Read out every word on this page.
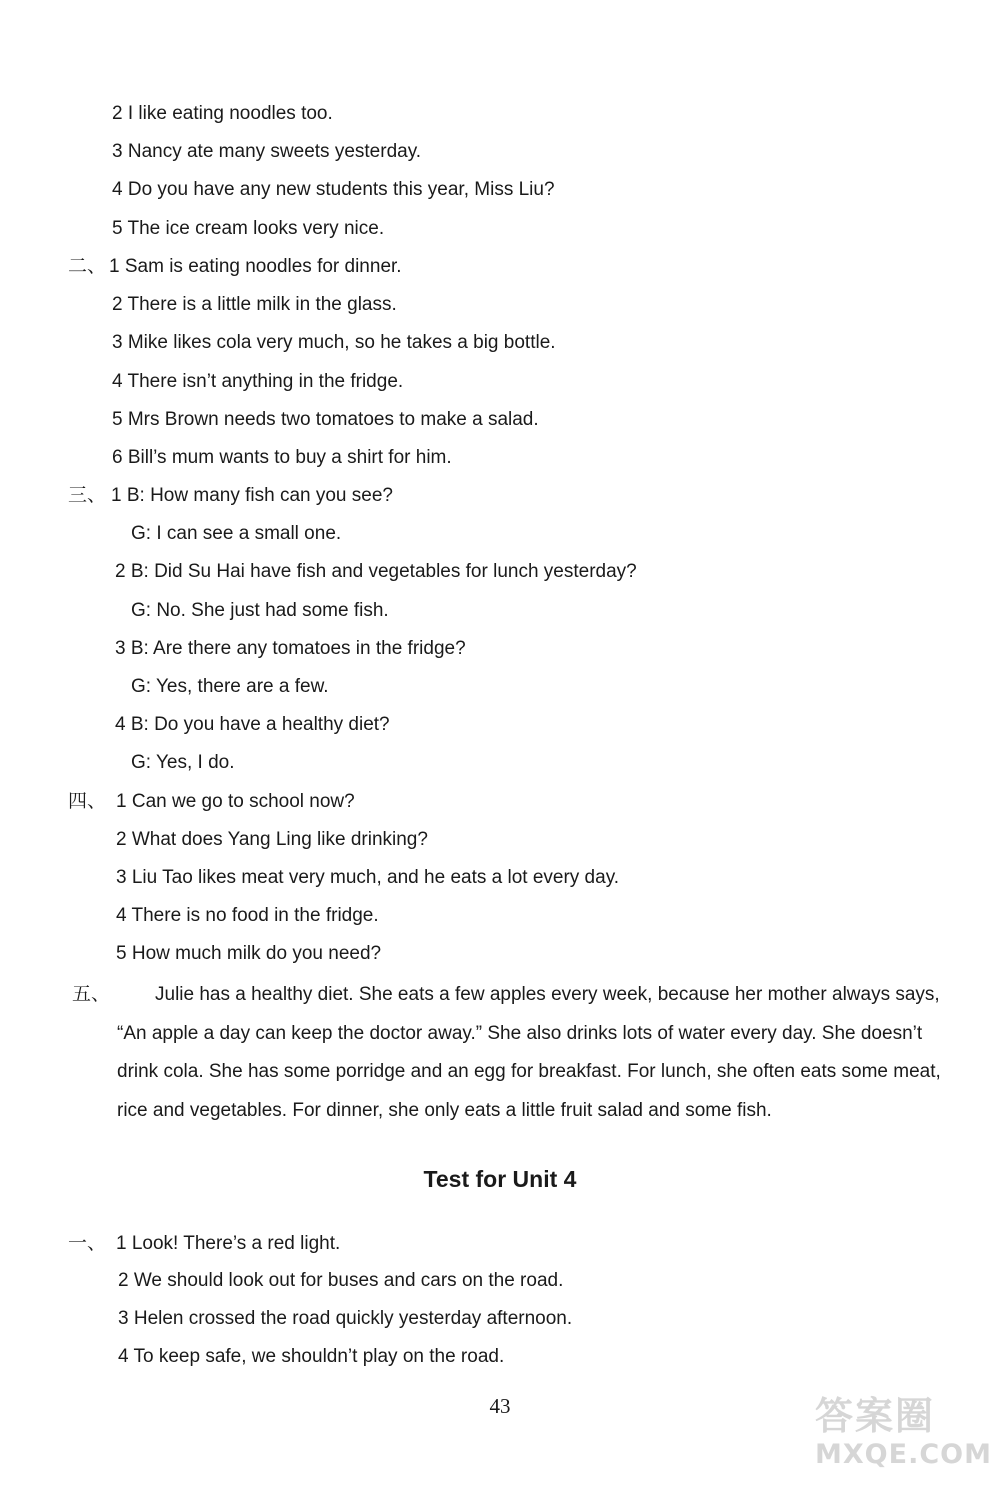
2 I like eating noodles too.
3 Nancy ate many sweets yesterday.
4 Do you have any new students this year, Miss Liu?
5 The ice cream looks very nice.
二、 1 Sam is eating noodles for dinner.
2 There is a little milk in the glass.
3 Mike likes cola very much, so he takes a big bottle.
4 There isn’t anything in the fridge.
5 Mrs Brown needs two tomatoes to make a salad.
6 Bill’s mum wants to buy a shirt for him.
三、 1 B: How many fish can you see?
G: I can see a small one.
2 B: Did Su Hai have fish and vegetables for lunch yesterday?
G: No. She just had some fish.
3 B: Are there any tomatoes in the fridge?
G: Yes, there are a few.
4 B: Do you have a healthy diet?
G: Yes, I do.
四、 1 Can we go to school now?
2 What does Yang Ling like drinking?
3 Liu Tao likes meat very much, and he eats a lot every day.
4 There is no food in the fridge.
5 How much milk do you need?
五、	Julie has a healthy diet. She eats a few apples every week, because her mother always says, “An apple a day can keep the doctor away.” She also drinks lots of water every day. She doesn’t drink cola. She has some porridge and an egg for breakfast. For lunch, she often eats some meat, rice and vegetables. For dinner, she only eats a little fruit salad and some fish.
Test for Unit 4
一、 1 Look! There’s a red light.
2 We should look out for buses and cars on the road.
3 Helen crossed the road quickly yesterday afternoon.
4 To keep safe, we shouldn’t play on the road.
43	答案圈
MXQE.COM
